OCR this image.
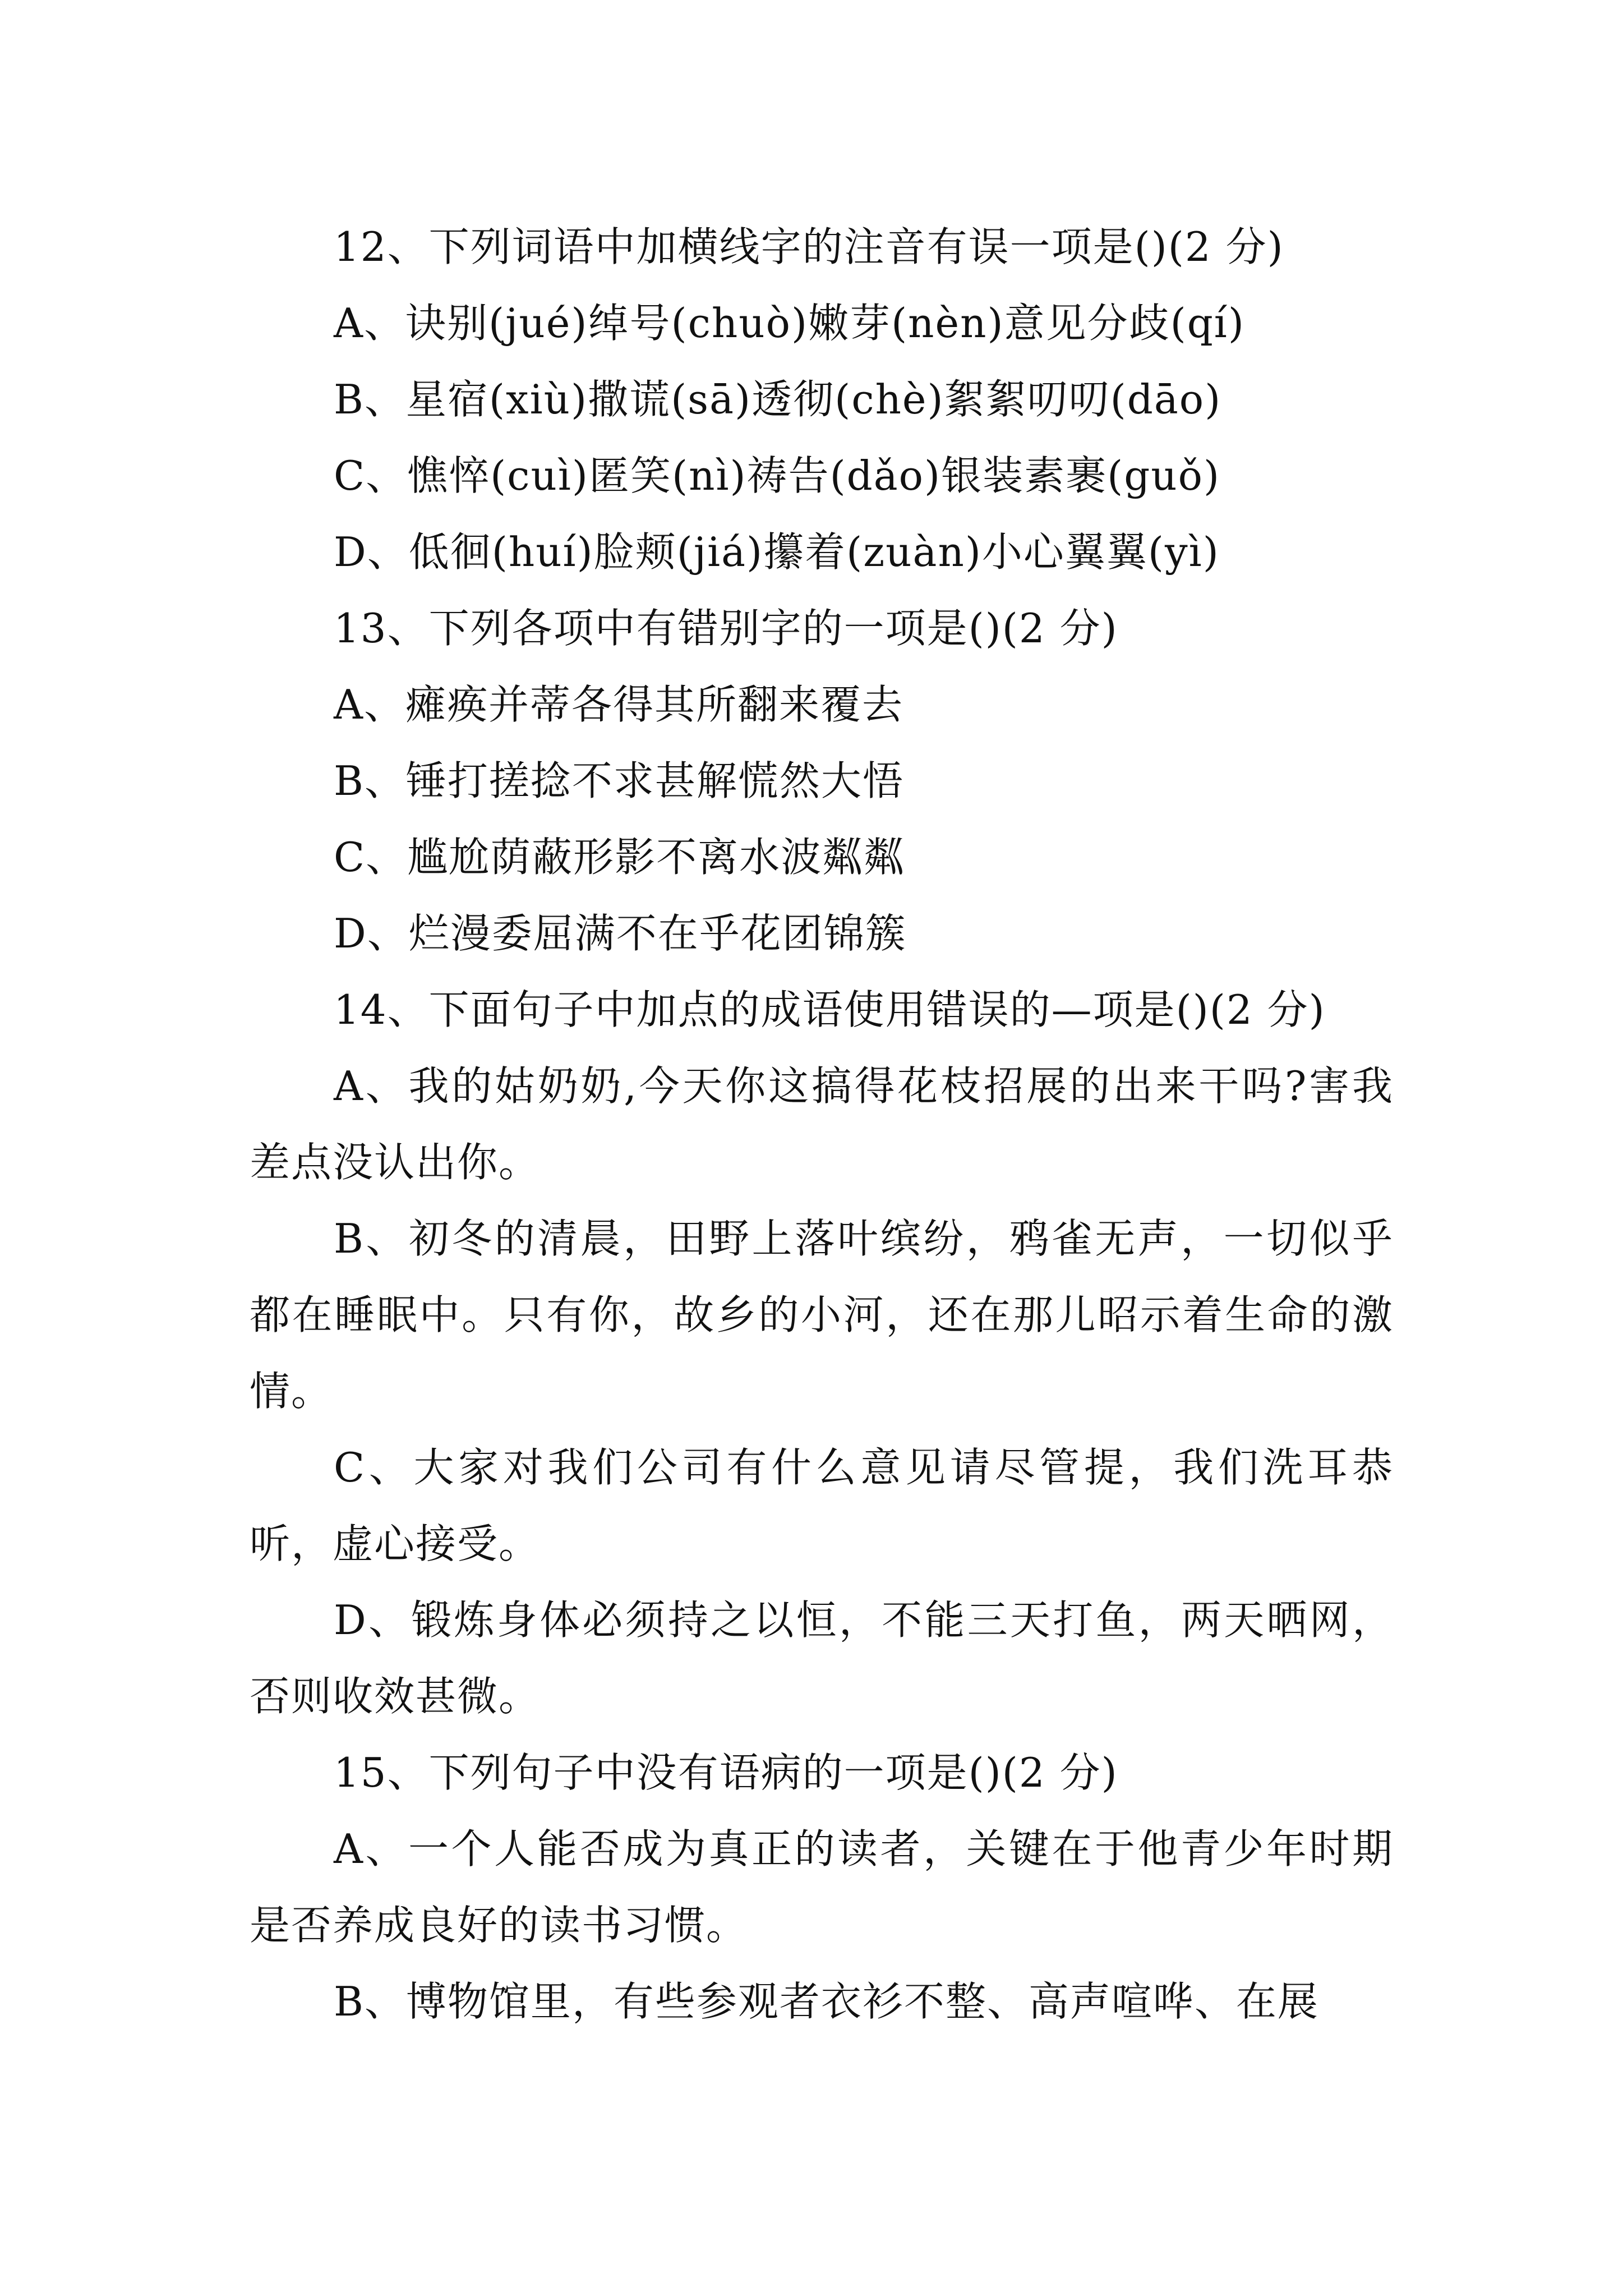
12、下列词语中加横线字的注音有误一项是()(2 分)
A、诀别(jué)绰号(chuò)嫩芽(nèn)意见分歧(qí)
B、星宿(xiù)撒谎(sā)透彻(chè)絮絮叨叨(dāo)
C、憔悴(cuì)匿笑(nì)祷告(dǎo)银装素裹(guǒ)
D、低徊(huí)脸颊(jiá)攥着(zuàn)小心翼翼(yì)
13、下列各项中有错别字的一项是()(2 分)
A、瘫痪并蒂各得其所翻来覆去
B、锤打搓捻不求甚解慌然大悟
C、尴尬荫蔽形影不离水波粼粼
D、烂漫委屈满不在乎花团锦簇
14、下面句子中加点的成语使用错误的—项是()(2 分)

A、我的姑奶奶,今天你这搞得花枝招展的出来干吗?害我差点没认出你。

B、初冬的清晨，田野上落叶缤纷，鸦雀无声，一切似乎都在睡眠中。只有你，故乡的小河，还在那儿昭示着生命的激情。

C、大家对我们公司有什么意见请尽管提，我们洗耳恭听，虚心接受。

D、锻炼身体必须持之以恒，不能三天打鱼，两天晒网，否则收效甚微。

15、下列句子中没有语病的一项是()(2 分)

A、一个人能否成为真正的读者，关键在于他青少年时期是否养成良好的读书习惯。

B、博物馆里，有些参观者衣衫不整、高声喧哗、在展
